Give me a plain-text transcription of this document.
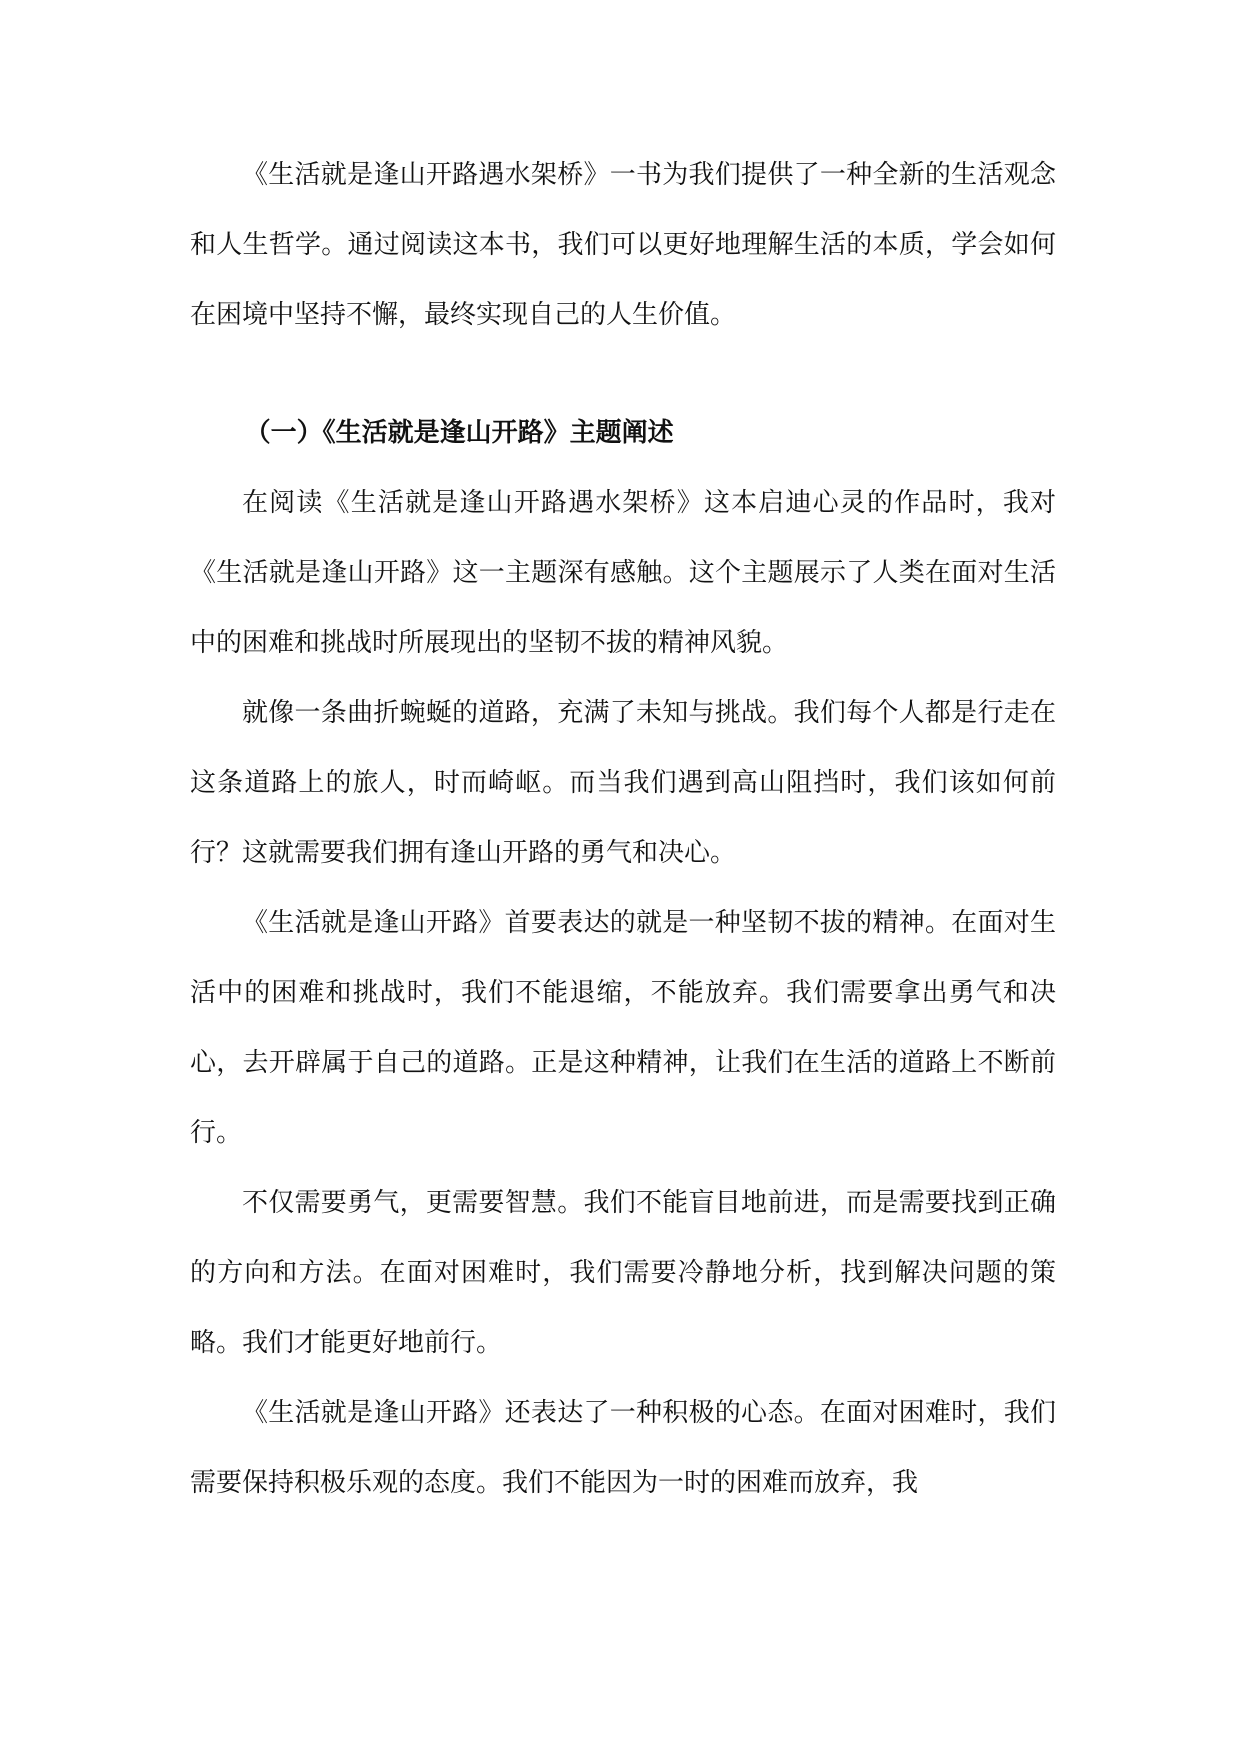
《生活就是逢山开路遇水架桥》一书为我们提供了一种全新的生活观念和人生哲学。通过阅读这本书，我们可以更好地理解生活的本质，学会如何在困境中坚持不懈，最终实现自己的人生价值。

（一）《生活就是逢山开路》主题阐述

在阅读《生活就是逢山开路遇水架桥》这本启迪心灵的作品时，我对《生活就是逢山开路》这一主题深有感触。这个主题展示了人类在面对生活中的困难和挑战时所展现出的坚韧不拔的精神风貌。

就像一条曲折蜿蜒的道路，充满了未知与挑战。我们每个人都是行走在这条道路上的旅人，时而崎岖。而当我们遇到高山阻挡时，我们该如何前行？这就需要我们拥有逢山开路的勇气和决心。

《生活就是逢山开路》首要表达的就是一种坚韧不拔的精神。在面对生活中的困难和挑战时，我们不能退缩，不能放弃。我们需要拿出勇气和决心，去开辟属于自己的道路。正是这种精神，让我们在生活的道路上不断前行。

不仅需要勇气，更需要智慧。我们不能盲目地前进，而是需要找到正确的方向和方法。在面对困难时，我们需要冷静地分析，找到解决问题的策略。我们才能更好地前行。

《生活就是逢山开路》还表达了一种积极的心态。在面对困难时，我们需要保持积极乐观的态度。我们不能因为一时的困难而放弃，我
